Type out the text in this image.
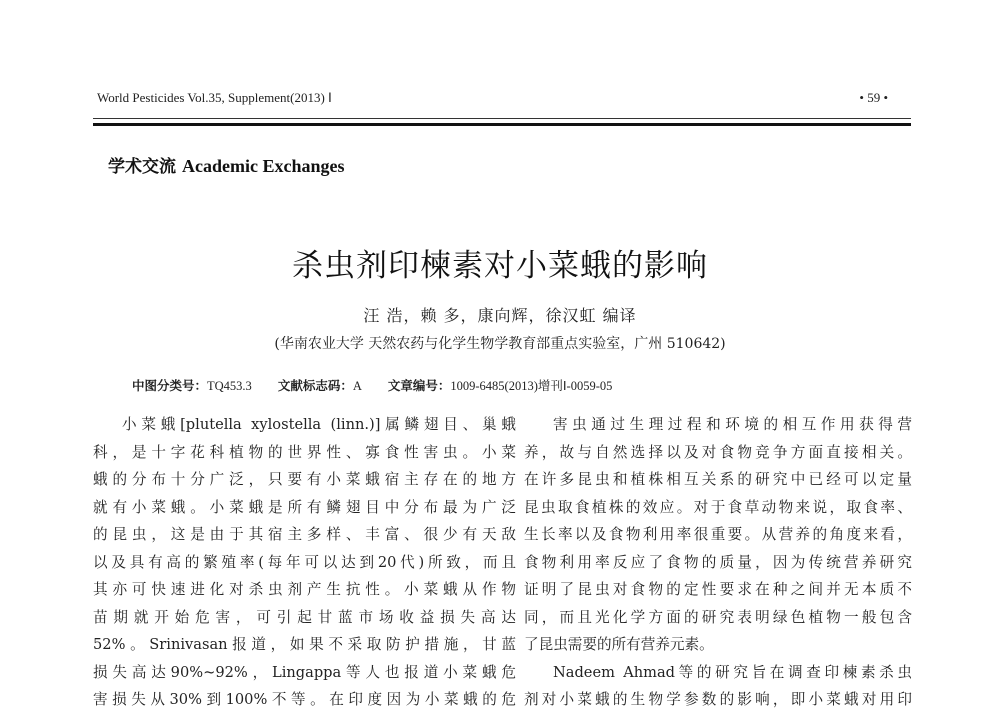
World Pesticides Vol.35, Supplement(2013) Ⅰ	• 59 •
学术交流 Academic Exchanges
杀虫剂印楝素对小菜蛾的影响
汪 浩，赖 多，康向辉，徐汉虹 编译
(华南农业大学 天然农药与化学生物学教育部重点实验室，广州 510642)
中图分类号：TQ453.3 文献标志码：A 文章编号：1009-6485(2013)增刊Ⅰ-0059-05
小菜蛾[plutella xylostella (linn.)]属鳞翅目、巢蛾
科，是十字花科植物的世界性、寡食性害虫。小菜
蛾的分布十分广泛，只要有小菜蛾宿主存在的地方
就有小菜蛾。小菜蛾是所有鳞翅目中分布最为广泛
的昆虫，这是由于其宿主多样、丰富、很少有天敌
以及具有高的繁殖率(每年可以达到20代)所致，而且
其亦可快速进化对杀虫剂产生抗性。小菜蛾从作物
苗期就开始危害，可引起甘蓝市场收益损失高达
52%。Srinivasan报道，如果不采取防护措施，甘蓝
损失高达90%~92%，Lingappa等人也报道小菜蛾危
害损失从30%到100%不等。在印度因为小菜蛾的危
害虫通过生理过程和环境的相互作用获得营
养，故与自然选择以及对食物竞争方面直接相关。
在许多昆虫和植株相互关系的研究中已经可以定量
昆虫取食植株的效应。对于食草动物来说，取食率、
生长率以及食物利用率很重要。从营养的角度来看，
食物利用率反应了食物的质量，因为传统营养研究
证明了昆虫对食物的定性要求在种之间并无本质不
同，而且光化学方面的研究表明绿色植物一般包含
了昆虫需要的所有营养元素。
Nadeem Ahmad等的研究旨在调查印楝素杀虫
剂对小菜蛾的生物学参数的影响，即小菜蛾对用印
